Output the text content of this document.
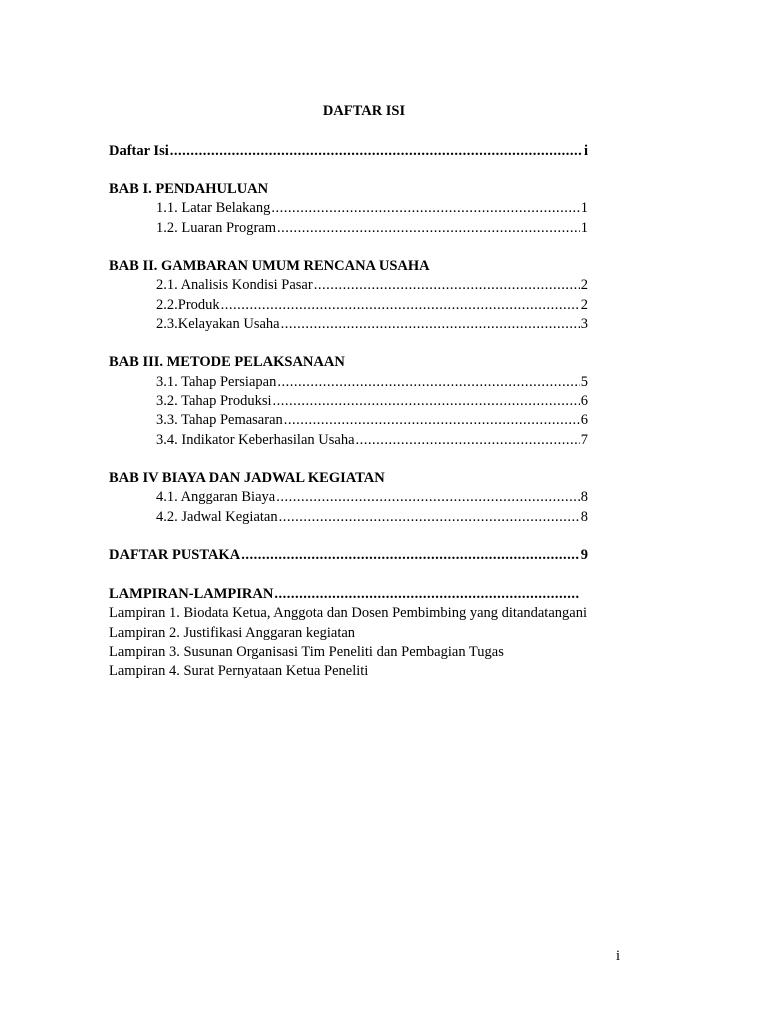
DAFTAR ISI
Daftar Isi .....	i
BAB I. PENDAHULUAN
1.1. Latar Belakang .....	1
1.2. Luaran Program .....	1
BAB II. GAMBARAN UMUM RENCANA USAHA
2.1. Analisis Kondisi Pasar .....	2
2.2.Produk .....	2
2.3.Kelayakan Usaha .....	3
BAB III. METODE PELAKSANAAN
3.1. Tahap Persiapan .....	5
3.2. Tahap Produksi .....	6
3.3. Tahap Pemasaran .....	6
3.4. Indikator Keberhasilan Usaha .....	7
BAB IV BIAYA DAN JADWAL KEGIATAN
4.1. Anggaran Biaya .....	8
4.2. Jadwal Kegiatan .....	8
DAFTAR PUSTAKA .....	9
LAMPIRAN-LAMPIRAN
.....
Lampiran 1. Biodata Ketua, Anggota dan Dosen Pembimbing yang ditandatangani
Lampiran 2. Justifikasi Anggaran kegiatan
Lampiran 3. Susunan Organisasi Tim Peneliti dan Pembagian Tugas
Lampiran 4. Surat Pernyataan Ketua Peneliti
i
